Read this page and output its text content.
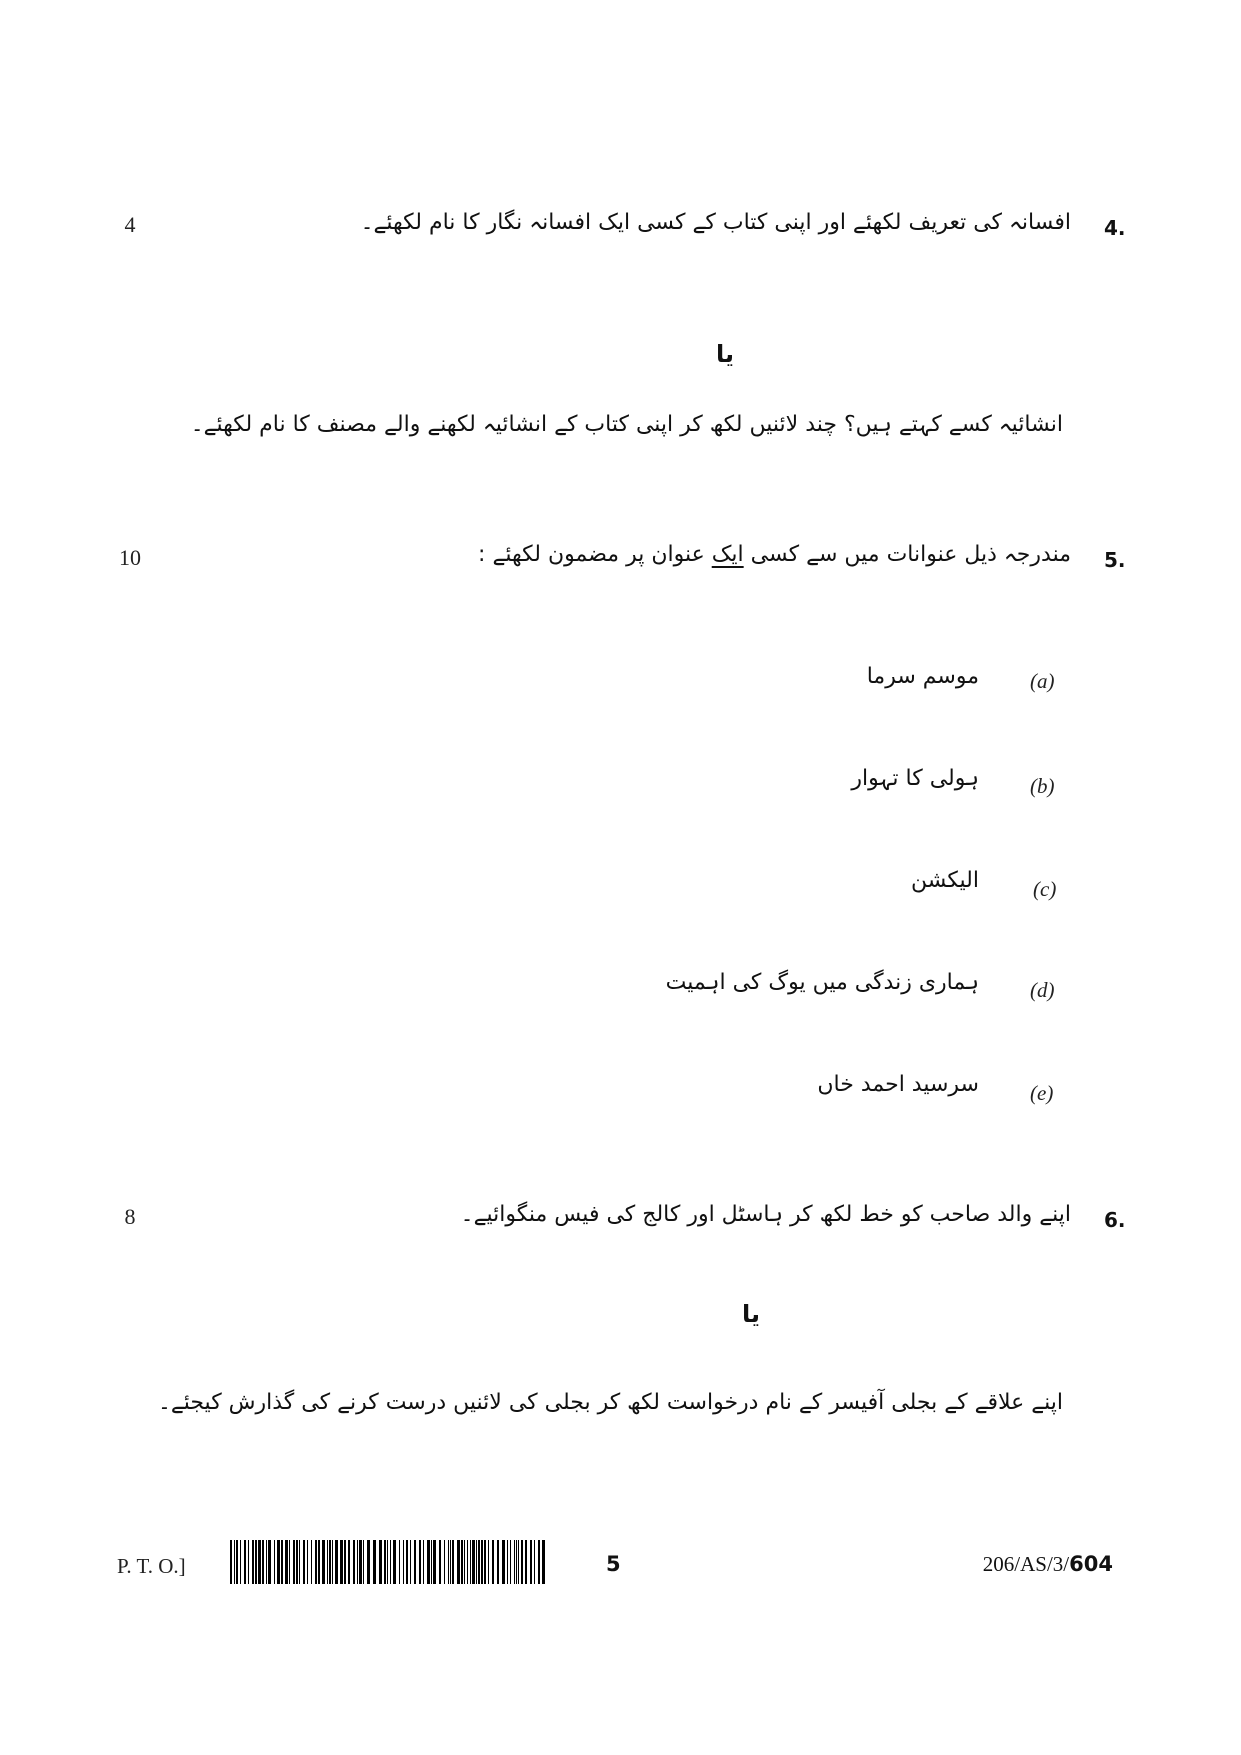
4	4.
افسانہ کی تعریف لکھئے اور اپنی کتاب کے کسی ایک افسانہ نگار کا نام لکھئے۔
یا
انشائیہ کسے کہتے ہیں؟ چند لائنیں لکھ کر اپنی کتاب کے انشائیہ لکھنے والے مصنف کا نام لکھئے۔
10	5.
مندرجہ ذیل عنوانات میں سے کسی ایک عنوان پر مضمون لکھئے :
(a)
موسم سرما
(b)
ہولی کا تہوار
(c)
الیکشن
(d)
ہماری زندگی میں یوگ کی اہمیت
(e)
سرسید احمد خاں
8	6.
اپنے والد صاحب کو خط لکھ کر ہاسٹل اور کالج کی فیس منگوائیے۔
یا
اپنے علاقے کے بجلی آفیسر کے نام درخواست لکھ کر بجلی کی لائنیں درست کرنے کی گذارش کیجئے۔
P. T. O.]	5	206/AS/3/604
